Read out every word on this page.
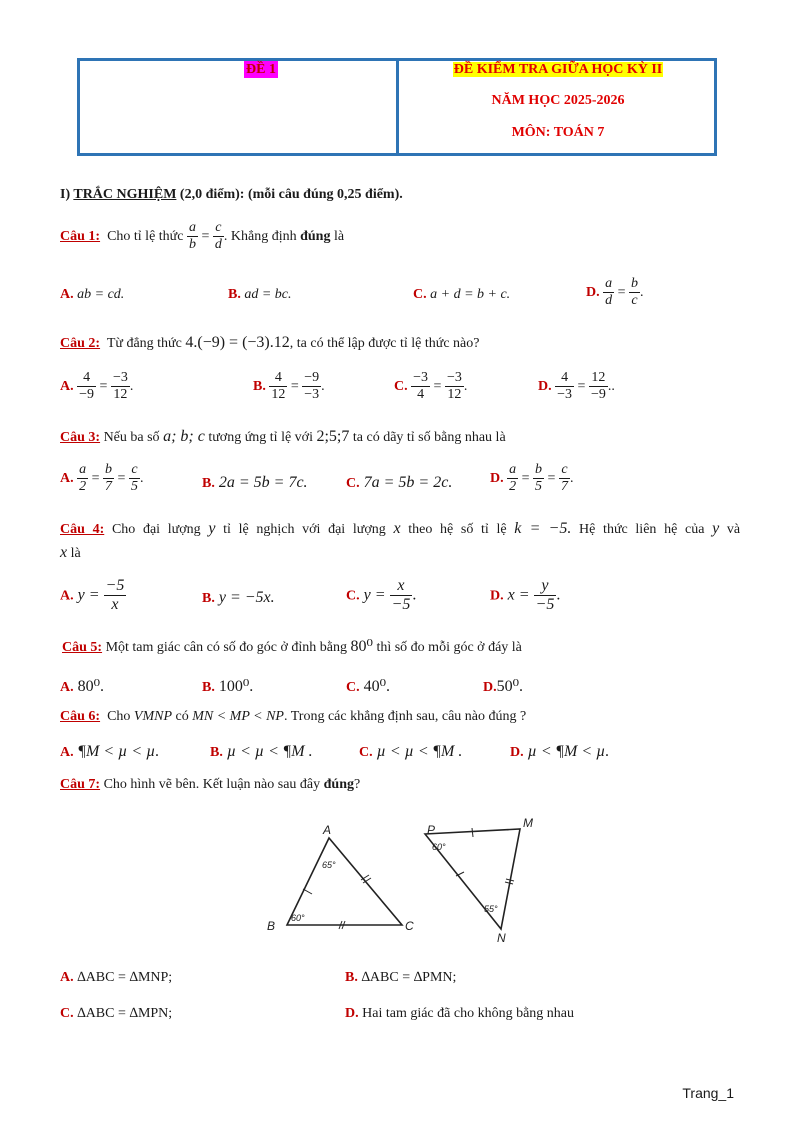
ĐỀ 1	ĐỀ KIỂM TRA GIỮA HỌC KỲ II
NĂM HỌC 2025-2026
MÔN: TOÁN 7
I) TRẮC NGHIỆM (2,0 điểm): (mỗi câu đúng 0,25 điểm).
Câu 1: Cho tỉ lệ thức $\frac{a}{b} = \frac{c}{d}$ . Khẳng định đúng là
A. ab = cd.	B. ad = bc.	C. a + d = b + c.	D. $\frac{a}{d} = \frac{b}{c}$ .
Câu 2: Từ đẳng thức 4.(−9) = (−3).12, ta có thể lập được tỉ lệ thức nào?
A. $\frac{4}{-9} = \frac{-3}{12}$ .	B. $\frac{4}{12} = \frac{-9}{-3}$ .	C. $\frac{-3}{4} = \frac{-3}{12}$ .	D. $\frac{4}{-3} = \frac{12}{-9}$ ..
Câu 3: Nếu ba số a; b; c tương ứng tỉ lệ với 2;5;7 ta có dãy tỉ số bằng nhau là
A. $\frac{a}{2} = \frac{b}{7} = \frac{c}{5}$ .	B. 2a = 5b = 7c.	C. 7a = 5b = 2c.	D. $\frac{a}{2} = \frac{b}{5} = \frac{c}{7}$ .
Câu 4: Cho đại lượng y tỉ lệ nghịch với đại lượng x theo hệ số tỉ lệ k = −5. Hệ thức liên hệ của y và
x là
A. $y = \frac{-5}{x}$	B. y = −5x.	C. $y = \frac{x}{-5}$ .	D. $x = \frac{y}{-5}$ .
Câu 5: Một tam giác cân có số đo góc ở đỉnh bằng 80⁰ thì số đo mỗi góc ở đáy là
A. 80⁰.	B. 100⁰.	C. 40⁰.	D.50⁰.
Câu 6: Cho VMNP có MN < MP < NP. Trong các khẳng định sau, câu nào đúng ?
A. ¶M < µ < µ.	B. µ < µ < ¶M .	C. µ < µ < ¶M .	D. µ < ¶M < µ.
Câu 7: Cho hình vẽ bên. Kết luận nào sau đây đúng?
A
B	C
65°
60°
P	M
N
60°
55°
A. ∆ABC = ∆MNP;	B. ∆ABC = ∆PMN;
C. ∆ABC = ∆MPN;	D. Hai tam giác đã cho không bằng nhau
Trang_1
